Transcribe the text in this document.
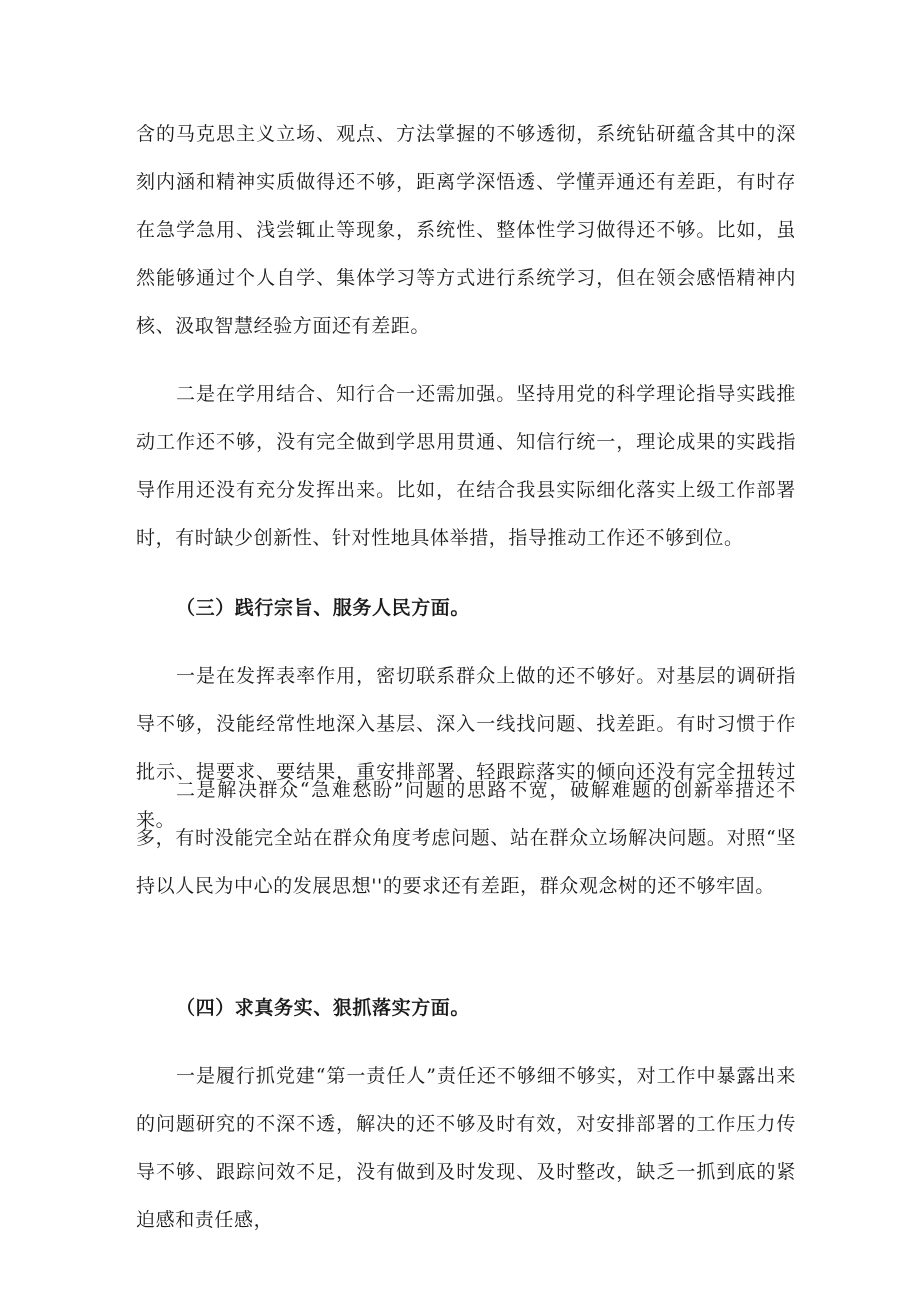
含的马克思主义立场、观点、方法掌握的不够透彻，系统钻研蕴含其中的深刻内涵和精神实质做得还不够，距离学深悟透、学懂弄通还有差距，有时存在急学急用、浅尝辄止等现象，系统性、整体性学习做得还不够。比如，虽然能够通过个人自学、集体学习等方式进行系统学习，但在领会感悟精神内核、汲取智慧经验方面还有差距。

二是在学用结合、知行合一还需加强。坚持用党的科学理论指导实践推动工作还不够，没有完全做到学思用贯通、知信行统一，理论成果的实践指导作用还没有充分发挥出来。比如，在结合我县实际细化落实上级工作部署时，有时缺少创新性、针对性地具体举措，指导推动工作还不够到位。

（三）践行宗旨、服务人民方面。

一是在发挥表率作用，密切联系群众上做的还不够好。对基层的调研指导不够，没能经常性地深入基层、深入一线找问题、找差距。有时习惯于作批示、提要求、要结果，重安排部署、轻跟踪落实的倾向还没有完全扭转过来。

二是解决群众“急难愁盼”问题的思路不宽，破解难题的创新举措还不多，有时没能完全站在群众角度考虑问题、站在群众立场解决问题。对照“坚持以人民为中心的发展思想''的要求还有差距，群众观念树的还不够牢固。

（四）求真务实、狠抓落实方面。

一是履行抓党建“第一责任人”责任还不够细不够实，对工作中暴露出来的问题研究的不深不透，解决的还不够及时有效，对安排部署的工作压力传导不够、跟踪问效不足，没有做到及时发现、及时整改，缺乏一抓到底的紧迫感和责任感，
